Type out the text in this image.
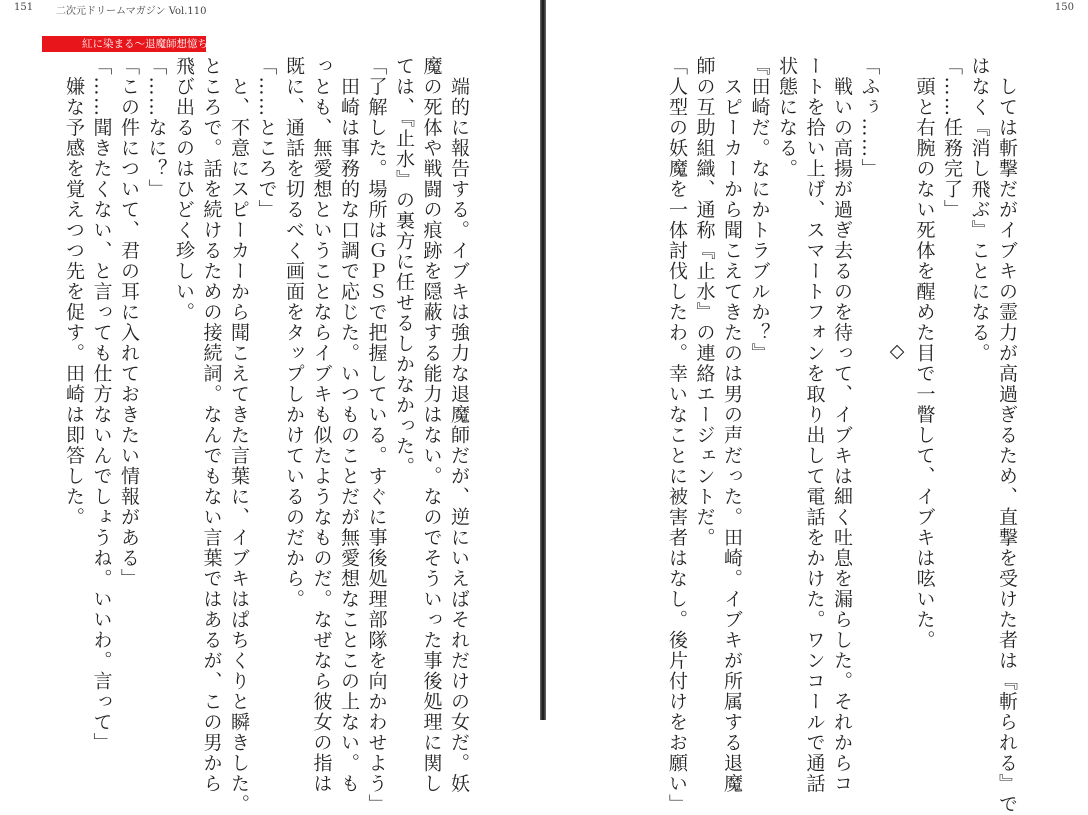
151 二次元ドリームマガジン Vol.110
紅に染まる～退魔師想憶ち調教～
　端的に報告する。イブキは強力な退魔師だが、逆にいえばそれだけの女だ。妖
魔の死体や戦闘の痕跡を隠蔽する能力はない。なのでそういった事後処理に関し
ては、『止水』の裏方に任せるしかなかった。
「了解した。場所はＧＰＳで把握している。すぐに事後処理部隊を向かわせよう」
　田崎は事務的な口調で応じた。いつものことだが無愛想なことこの上ない。も
っとも、無愛想ということならイブキも似たようなものだ。なぜなら彼女の指は
既に、通話を切るべく画面をタップしかけているのだから。
「……ところで」
　と、不意にスピーカーから聞こえてきた言葉に、イブキはぱちくりと瞬きした。
ところで。話を続けるための接続詞。なんでもない言葉ではあるが、この男から
飛び出るのはひどく珍しい。
「……なに？」
「この件について、君の耳に入れておきたい情報がある」
「……聞きたくない、と言っても仕方ないんでしょうね。いいわ。言って」
　嫌な予感を覚えつつ先を促す。田崎は即答した。
150
　しては斬撃だがイブキの霊力が高過ぎるため、直撃を受けた者は『斬られる』で
はなく『消し飛ぶ』ことになる。
「……任務完了」
　頭と右腕のない死体を醒めた目で一瞥して、イブキは呟いた。
◇
「ふぅ……」
　戦いの高揚が過ぎ去るのを待って、イブキは細く吐息を漏らした。それからコ
ートを拾い上げ、スマートフォンを取り出して電話をかけた。ワンコールで通話
状態になる。
『田崎だ。なにかトラブルか？』
　スピーカーから聞こえてきたのは男の声だった。田崎。イブキが所属する退魔
師の互助組織、通称『止水』の連絡エージェントだ。
「人型の妖魔を一体討伐したわ。幸いなことに被害者はなし。後片付けをお願い」
